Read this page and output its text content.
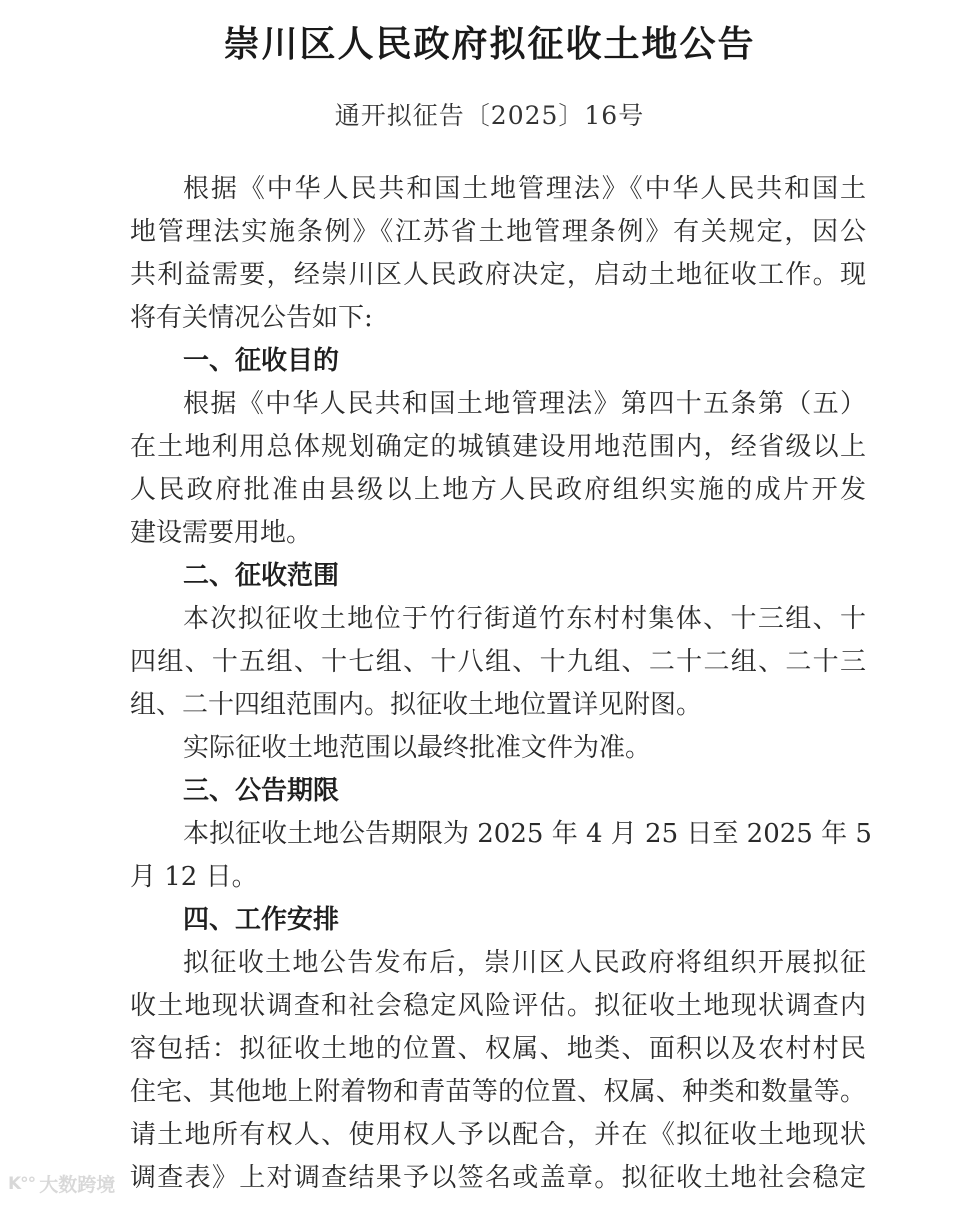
崇川区人民政府拟征收土地公告
通开拟征告〔2025〕16号
根据《中华人民共和国土地管理法》《中华人民共和国土
地管理法实施条例》《江苏省土地管理条例》有关规定，因公
共利益需要，经崇川区人民政府决定，启动土地征收工作。现
将有关情况公告如下:
一、征收目的
根据《中华人民共和国土地管理法》第四十五条第（五）
在土地利用总体规划确定的城镇建设用地范围内，经省级以上
人民政府批准由县级以上地方人民政府组织实施的成片开发
建设需要用地。
二、征收范围
本次拟征收土地位于竹行街道竹东村村集体、十三组、十
四组、十五组、十七组、十八组、十九组、二十二组、二十三
组、二十四组范围内。拟征收土地位置详见附图。
实际征收土地范围以最终批准文件为准。
三、公告期限
本拟征收土地公告期限为 2025 年 4 月 25 日至 2025 年 5
月 12 日。
四、工作安排
拟征收土地公告发布后，崇川区人民政府将组织开展拟征
收土地现状调查和社会稳定风险评估。拟征收土地现状调查内
容包括：拟征收土地的位置、权属、地类、面积以及农村村民
住宅、其他地上附着物和青苗等的位置、权属、种类和数量等。
请土地所有权人、使用权人予以配合，并在《拟征收土地现状
调查表》上对调查结果予以签名或盖章。拟征收土地社会稳定
K°° 大数跨境
